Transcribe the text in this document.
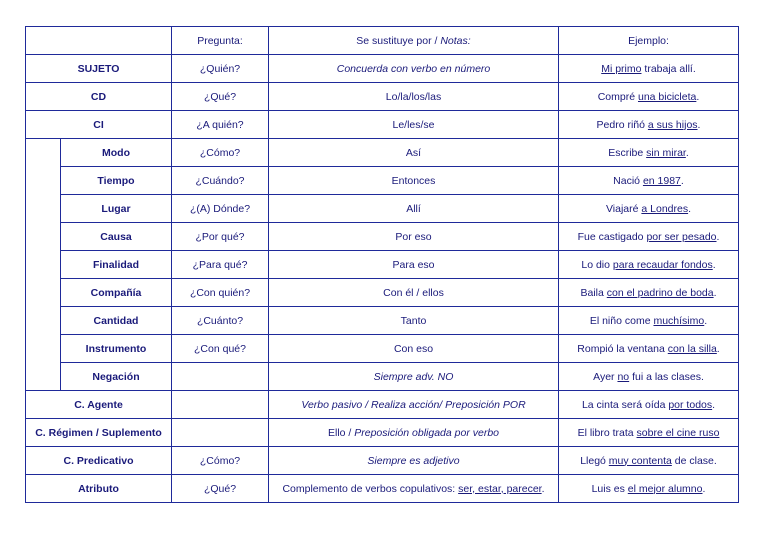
		Pregunta:	Se sustituye por / Notas:	Ejemplo:
SUJETO		¿Quién?	Concuerda con verbo en número	Mi primo trabaja allí.
CD		¿Qué?	Lo/la/los/las	Compré una bicicleta.
CI		¿A quién?	Le/les/se	Pedro riñó a sus hijos.
	Modo	¿Cómo?	Así	Escribe sin mirar.
	Tiempo	¿Cuándo?	Entonces	Nació en 1987.
	Lugar	¿(A) Dónde?	Allí	Viajaré a Londres.
	Causa	¿Por qué?	Por eso	Fue castigado por ser pesado.
	Finalidad	¿Para qué?	Para eso	Lo dio para recaudar fondos.
	Compañía	¿Con quién?	Con él / ellos	Baila con el padrino de boda.
	Cantidad	¿Cuánto?	Tanto	El niño come muchísimo.
	Instrumento	¿Con qué?	Con eso	Rompió la ventana con la silla.
	Negación		Siempre adv. NO	Ayer no fui a las clases.
C. Agente			Verbo pasivo / Realiza acción/ Preposición POR	La cinta será oída por todos.
C. Régimen / Suplemento			Ello / Preposición obligada por verbo	El libro trata sobre el cine ruso
C. Predicativo		¿Cómo?	Siempre es adjetivo	Llegó muy contenta de clase.
Atributo		¿Qué?	Complemento de verbos copulativos: ser, estar, parecer.	Luis es el mejor alumno.
